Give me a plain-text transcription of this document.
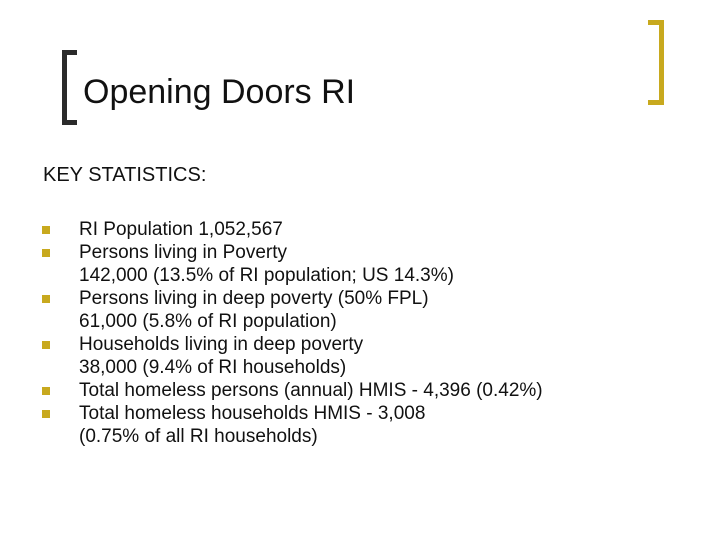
Opening Doors RI
KEY STATISTICS:
RI Population 1,052,567
Persons living in Poverty
142,000 (13.5% of RI population; US 14.3%)
Persons living in deep poverty (50% FPL)
61,000 (5.8% of RI population)
Households living in deep poverty
38,000 (9.4% of RI households)
Total homeless persons (annual) HMIS - 4,396 (0.42%)
Total homeless households HMIS - 3,008
(0.75% of all RI households)
